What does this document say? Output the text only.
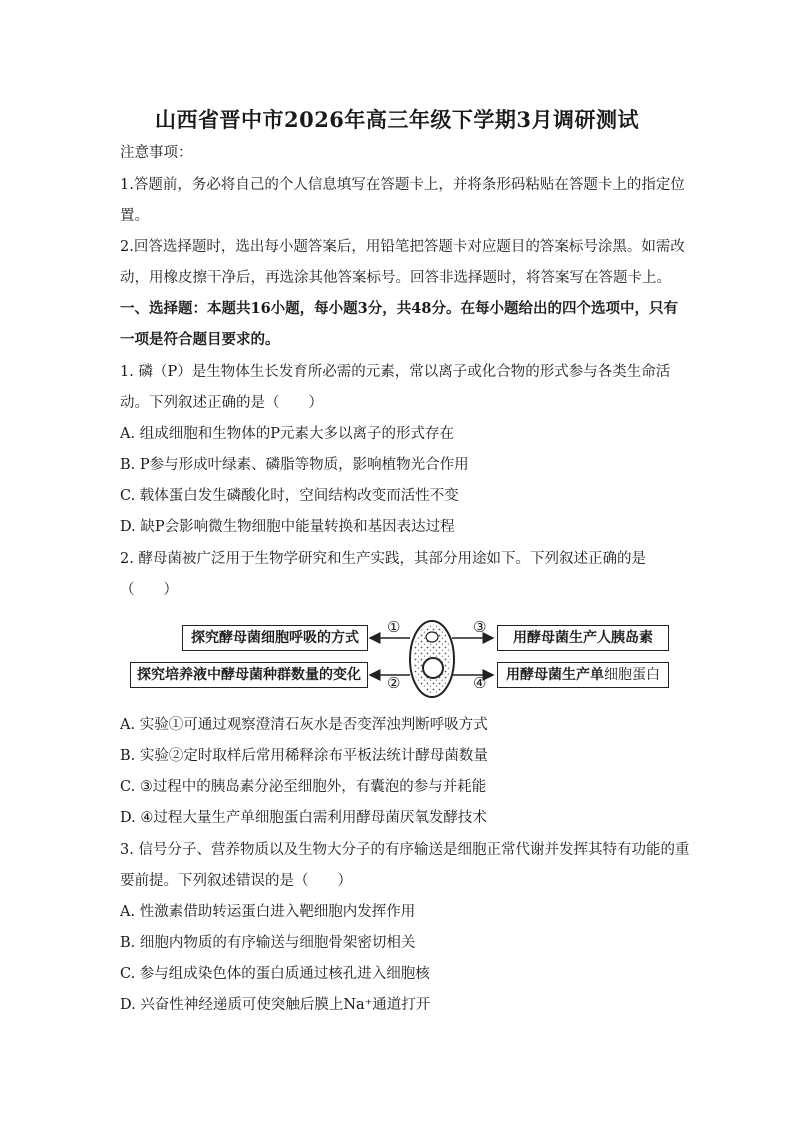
山西省晋中市2026年高三年级下学期3月调研测试
注意事项：
1.答题前，务必将自己的个人信息填写在答题卡上，并将条形码粘贴在答题卡上的指定位
置。
2.回答选择题时，选出每小题答案后，用铅笔把答题卡对应题目的答案标号涂黑。如需改
动，用橡皮擦干净后，再选涂其他答案标号。回答非选择题时，将答案写在答题卡上。
一、选择题：本题共16小题，每小题3分，共48分。在每小题给出的四个选项中，只有
一项是符合题目要求的。
1. 磷（P）是生物体生长发育所必需的元素，常以离子或化合物的形式参与各类生命活
动。下列叙述正确的是（　　）
A. 组成细胞和生物体的P元素大多以离子的形式存在
B. P参与形成叶绿素、磷脂等物质，影响植物光合作用
C. 载体蛋白发生磷酸化时，空间结构改变而活性不变
D. 缺P会影响微生物细胞中能量转换和基因表达过程
2. 酵母菌被广泛用于生物学研究和生产实践，其部分用途如下。下列叙述正确的是
（　　）
探究酵母菌细胞呼吸的方式
探究培养液中酵母菌种群数量的变化
用酵母菌生产人胰岛素
用酵母菌生产单细胞蛋白
①
②
③
④
A. 实验①可通过观察澄清石灰水是否变浑浊判断呼吸方式
B. 实验②定时取样后常用稀释涂布平板法统计酵母菌数量
C. ③过程中的胰岛素分泌至细胞外，有囊泡的参与并耗能
D. ④过程大量生产单细胞蛋白需利用酵母菌厌氧发酵技术
3. 信号分子、营养物质以及生物大分子的有序输送是细胞正常代谢并发挥其特有功能的重
要前提。下列叙述错误的是（　　）
A. 性激素借助转运蛋白进入靶细胞内发挥作用
B. 细胞内物质的有序输送与细胞骨架密切相关
C. 参与组成染色体的蛋白质通过核孔进入细胞核
D. 兴奋性神经递质可使突触后膜上Na⁺通道打开
